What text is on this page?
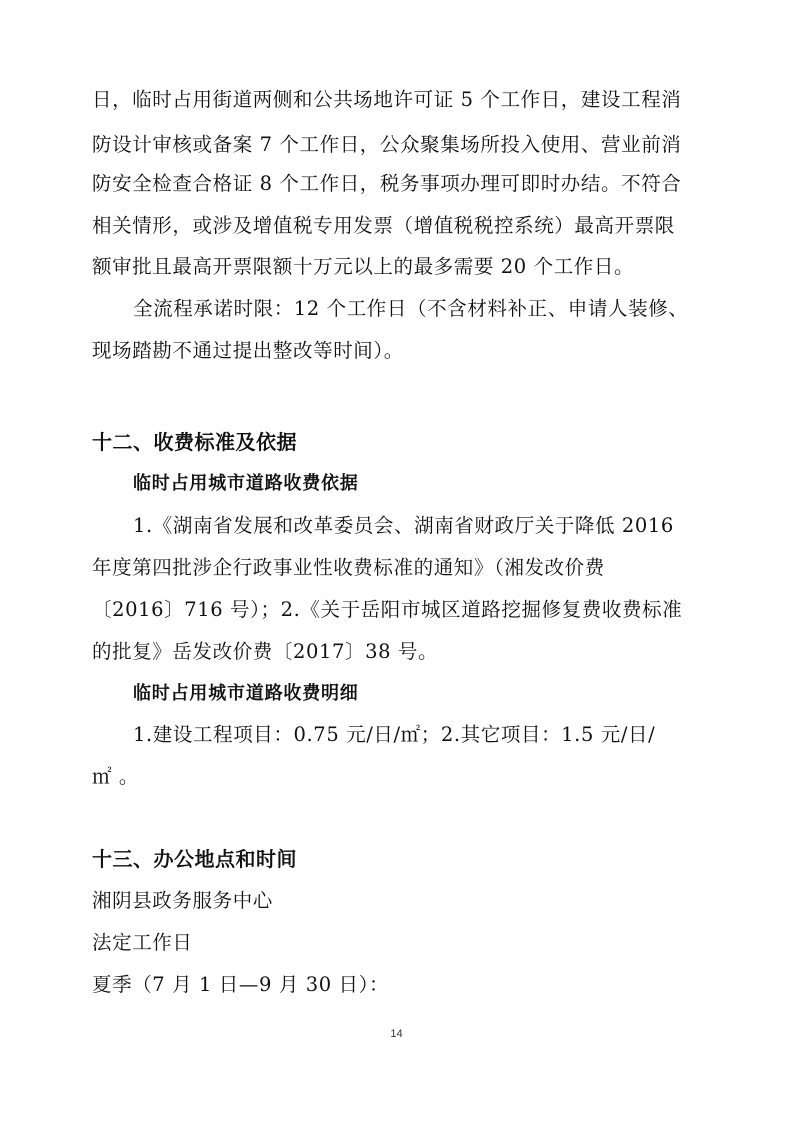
日，临时占用街道两侧和公共场地许可证 5 个工作日，建设工程消
防设计审核或备案 7 个工作日，公众聚集场所投入使用、营业前消
防安全检查合格证 8 个工作日，税务事项办理可即时办结。不符合
相关情形，或涉及增值税专用发票（增值税税控系统）最高开票限
额审批且最高开票限额十万元以上的最多需要 20 个工作日。
全流程承诺时限：12 个工作日（不含材料补正、申请人装修、
现场踏勘不通过提出整改等时间）。
十二、收费标准及依据
临时占用城市道路收费依据
1.《湖南省发展和改革委员会、湖南省财政厅关于降低 2016
年度第四批涉企行政事业性收费标准的通知》（湘发改价费
〔2016〕716 号）；2.《关于岳阳市城区道路挖掘修复费收费标准
的批复》岳发改价费〔2017〕38 号。
临时占用城市道路收费明细
1.建设工程项目：0.75 元/日/㎡；2.其它项目：1.5 元/日/
㎡ 。
十三、办公地点和时间
湘阴县政务服务中心
法定工作日
夏季（7 月 1 日—9 月 30 日）：
14
